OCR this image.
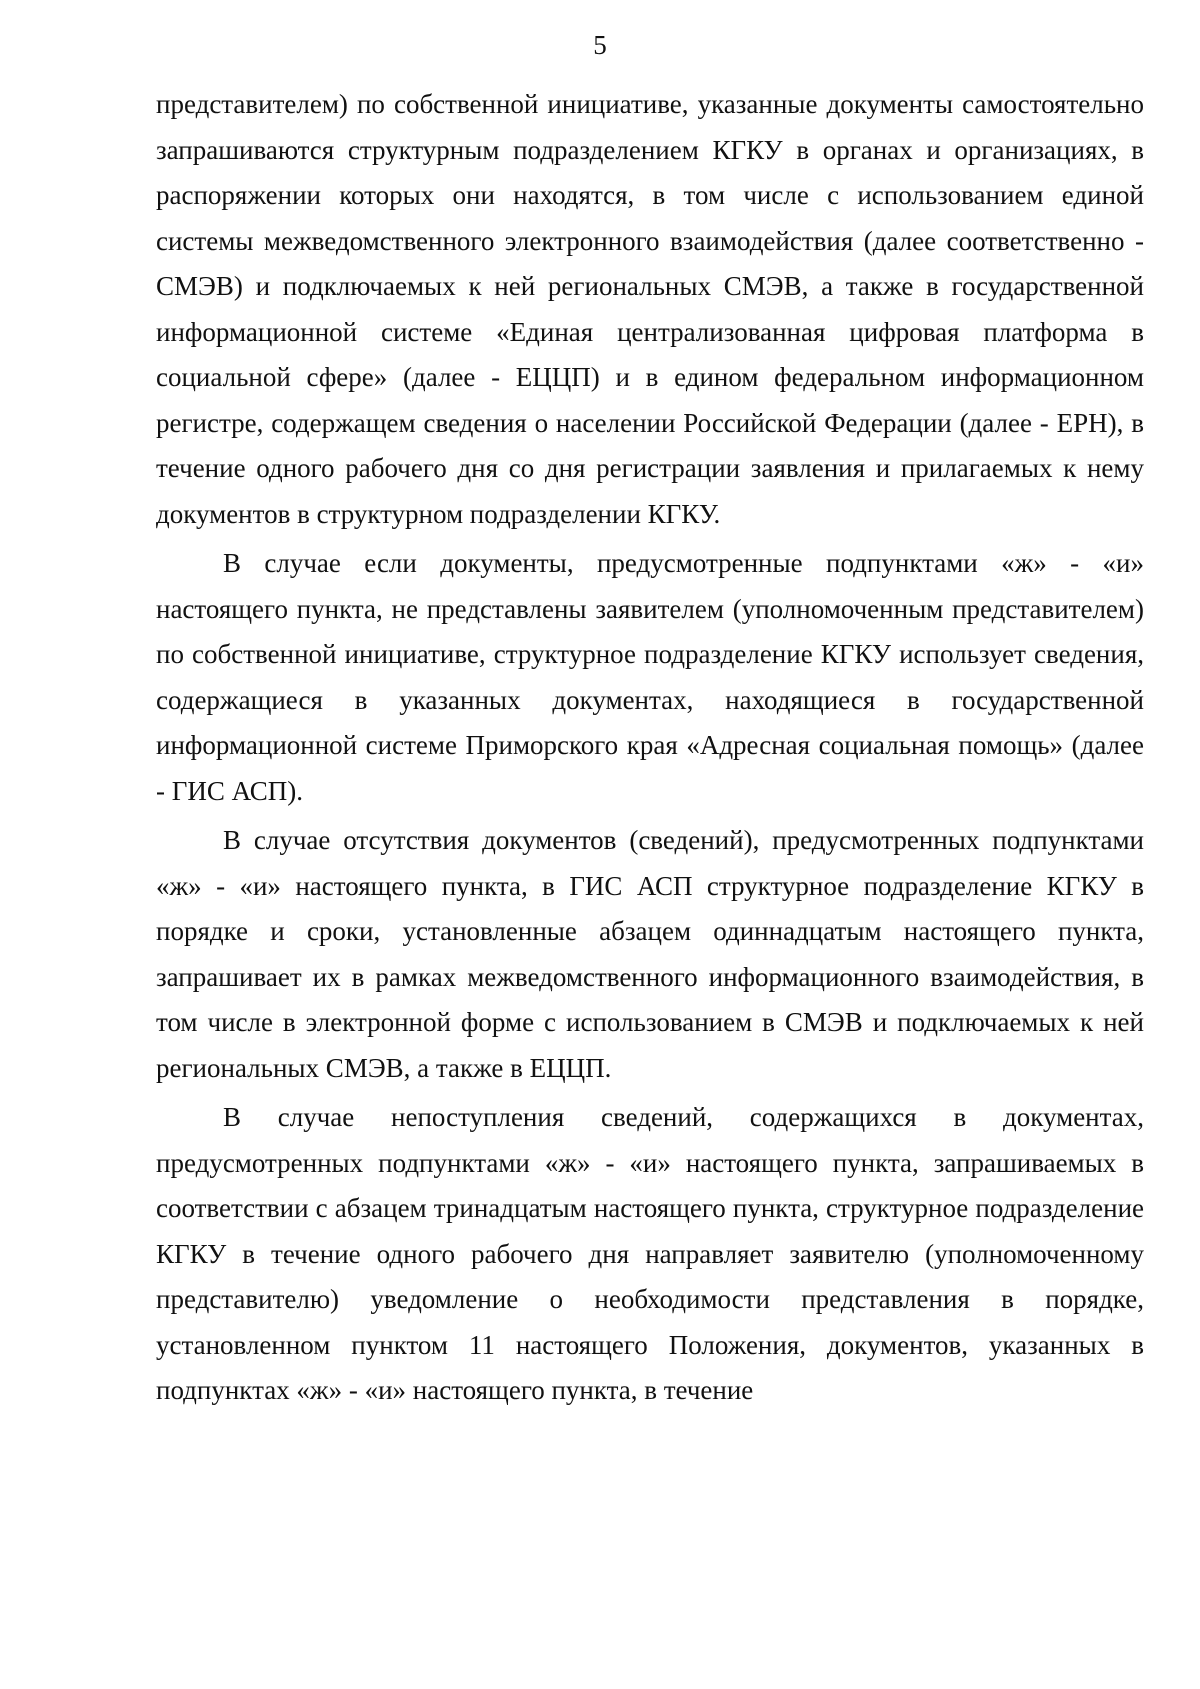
5

представителем) по собственной инициативе, указанные документы самостоятельно запрашиваются структурным подразделением КГКУ в органах и организациях, в распоряжении которых они находятся, в том числе с использованием единой системы межведомственного электронного взаимодействия (далее соответственно - СМЭВ) и подключаемых к ней региональных СМЭВ, а также в государственной информационной системе «Единая централизованная цифровая платформа в социальной сфере» (далее - ЕЦЦП) и в едином федеральном информационном регистре, содержащем сведения о населении Российской Федерации (далее - ЕРН), в течение одного рабочего дня со дня регистрации заявления и прилагаемых к нему документов в структурном подразделении КГКУ.

В случае если документы, предусмотренные подпунктами «ж» - «и» настоящего пункта, не представлены заявителем (уполномоченным представителем) по собственной инициативе, структурное подразделение КГКУ использует сведения, содержащиеся в указанных документах, находящиеся в государственной информационной системе Приморского края «Адресная социальная помощь» (далее - ГИС АСП).

В случае отсутствия документов (сведений), предусмотренных подпунктами «ж» - «и» настоящего пункта, в ГИС АСП структурное подразделение КГКУ в порядке и сроки, установленные абзацем одиннадцатым настоящего пункта, запрашивает их в рамках межведомственного информационного взаимодействия, в том числе в электронной форме с использованием в СМЭВ и подключаемых к ней региональных СМЭВ, а также в ЕЦЦП.

В случае непоступления сведений, содержащихся в документах, предусмотренных подпунктами «ж» - «и» настоящего пункта, запрашиваемых в соответствии с абзацем тринадцатым настоящего пункта, структурное подразделение КГКУ в течение одного рабочего дня направляет заявителю (уполномоченному представителю) уведомление о необходимости представления в порядке, установленном пунктом 11 настоящего Положения, документов, указанных в подпунктах «ж» - «и» настоящего пункта, в течение
